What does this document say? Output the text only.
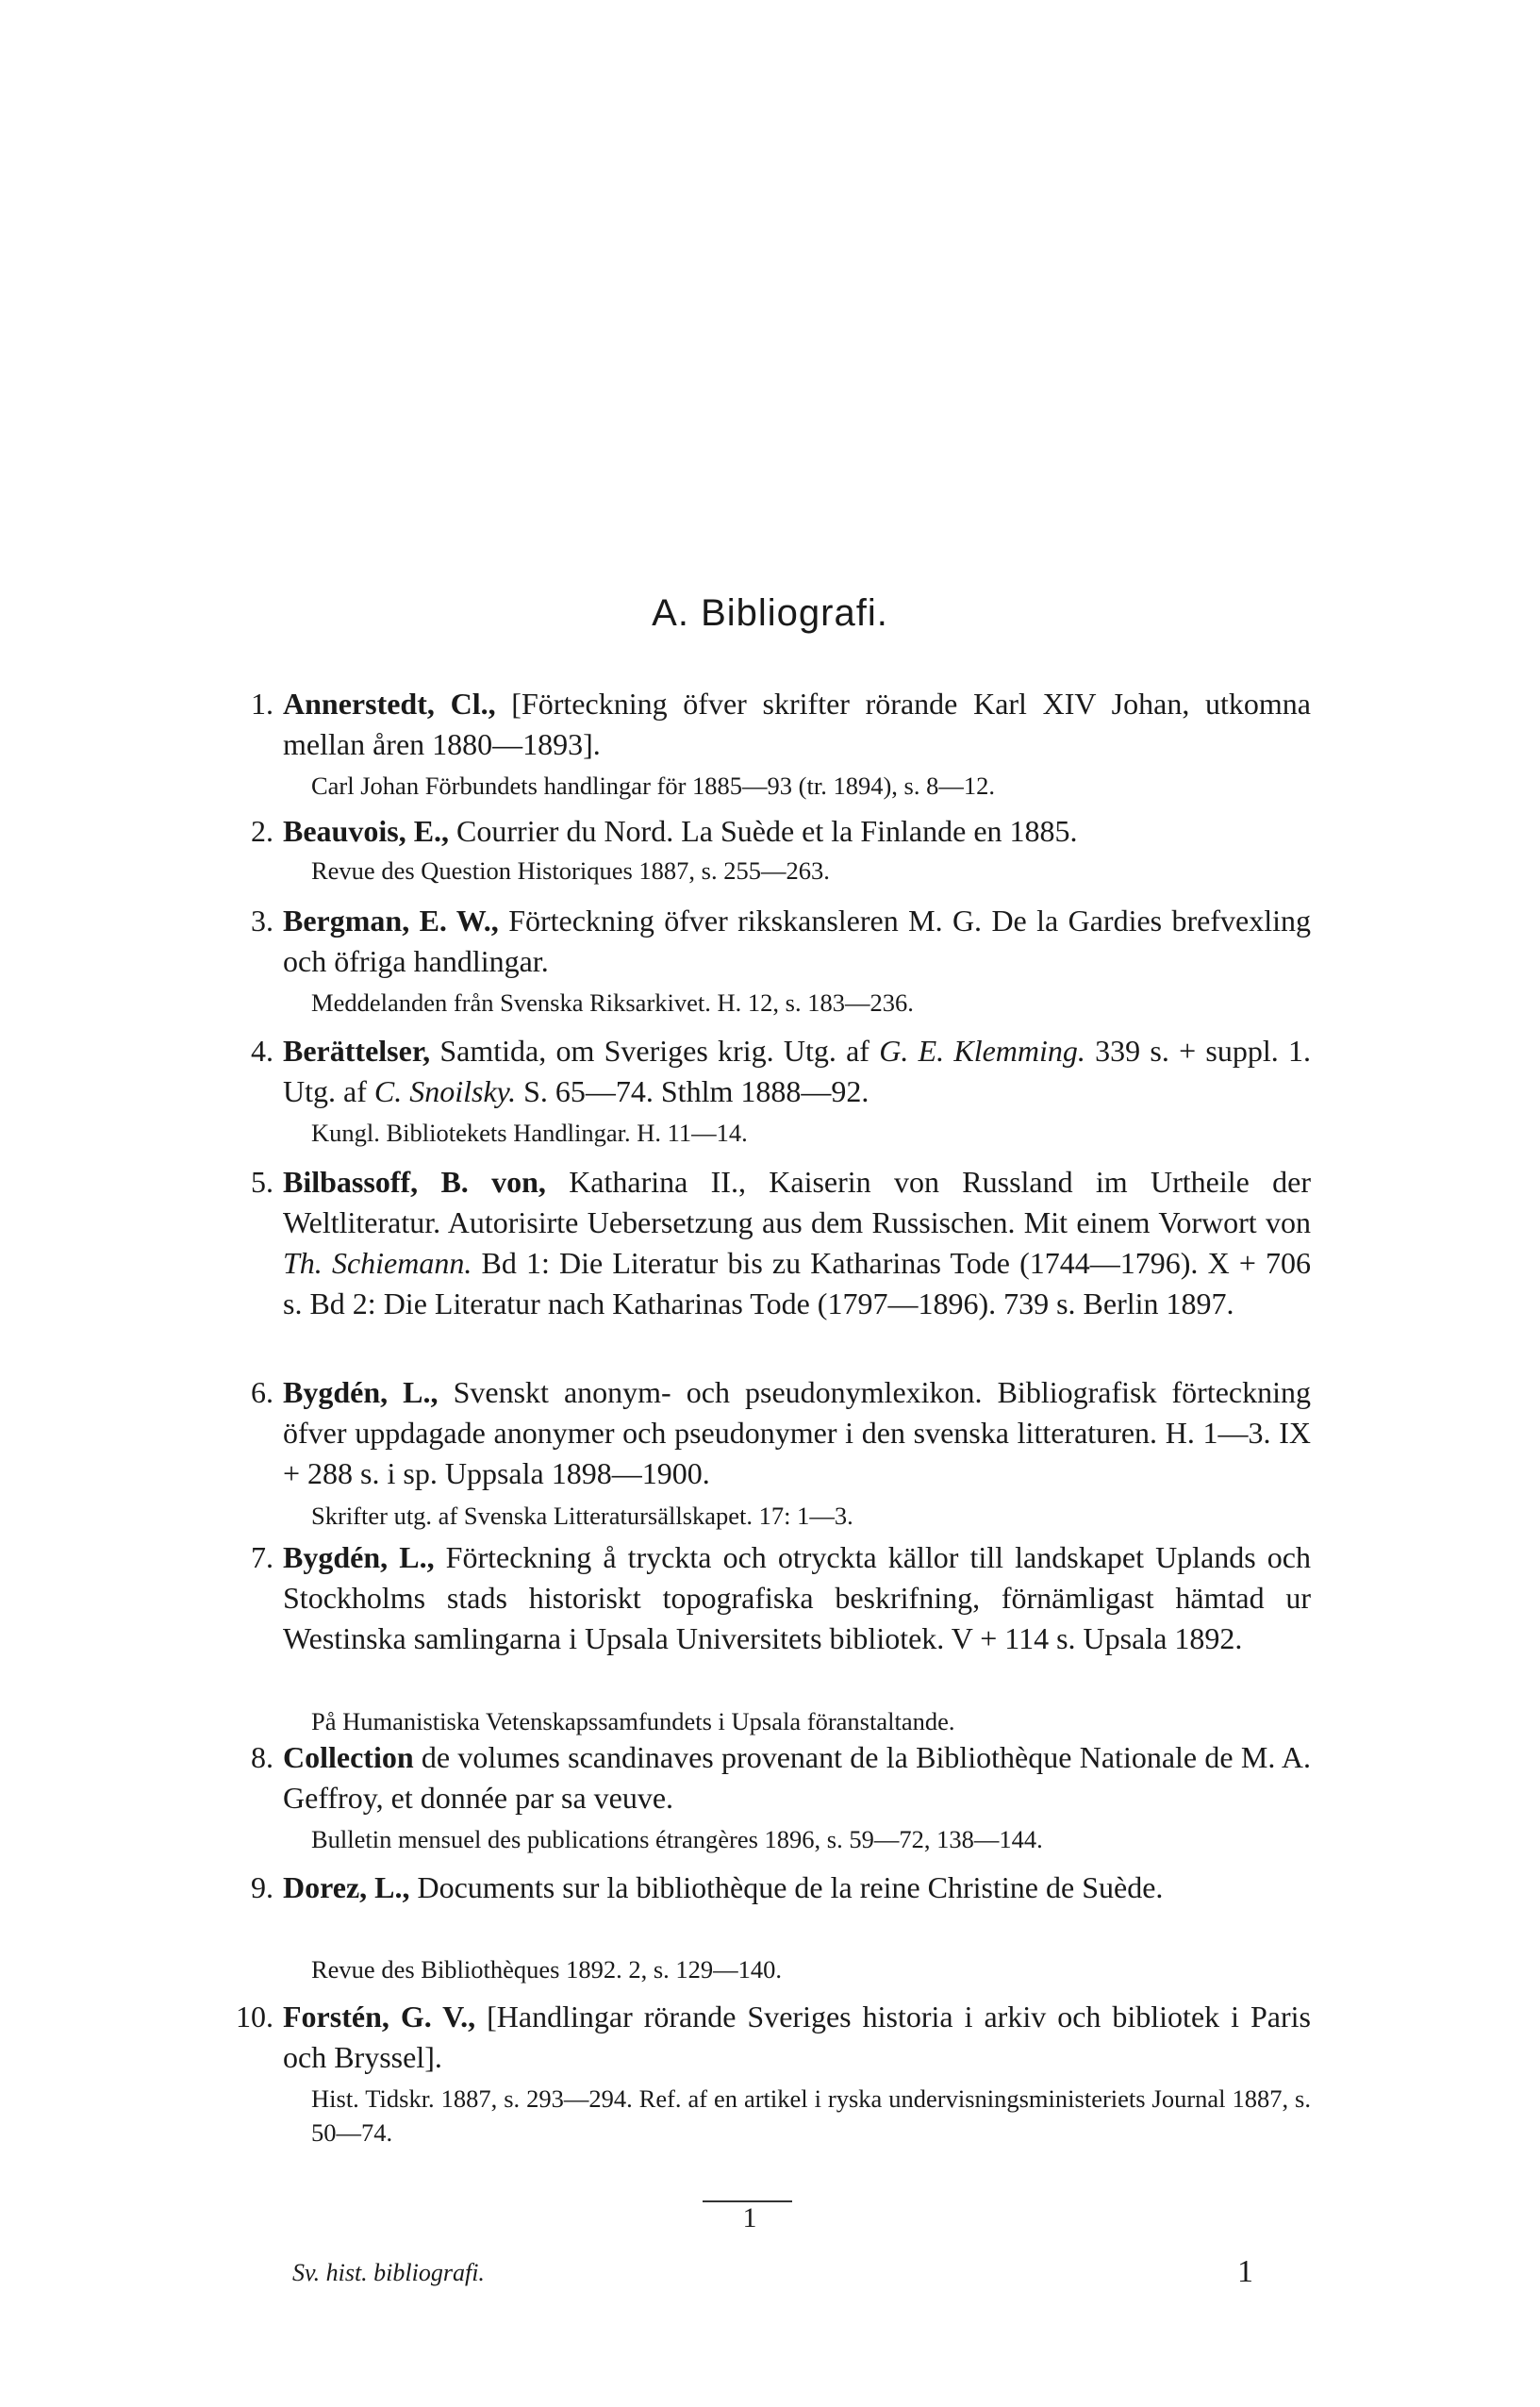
A. Bibliografi.
1. Annerstedt, Cl., [Förteckning öfver skrifter rörande Karl XIV Johan, utkomna mellan åren 1880—1893].
Carl Johan Förbundets handlingar för 1885—93 (tr. 1894), s. 8—12.
2. Beauvois, E., Courrier du Nord. La Suède et la Finlande en 1885.
Revue des Question Historiques 1887, s. 255—263.
3. Bergman, E. W., Förteckning öfver rikskansleren M. G. De la Gardies brefvexling och öfriga handlingar.
Meddelanden från Svenska Riksarkivet. H. 12, s. 183—236.
4. Berättelser, Samtida, om Sveriges krig. Utg. af G. E. Klemming. 339 s. + suppl. 1. Utg. af C. Snoilsky. S. 65—74. Sthlm 1888—92.
Kungl. Bibliotekets Handlingar. H. 11—14.
5. Bilbassoff, B. von, Katharina II., Kaiserin von Russland im Urtheile der Weltliteratur. Autorisirte Uebersetzung aus dem Russischen. Mit einem Vorwort von Th. Schiemann. Bd 1: Die Literatur bis zu Katharinas Tode (1744—1796). X + 706 s. Bd 2: Die Literatur nach Katharinas Tode (1797—1896). 739 s. Berlin 1897.
6. Bygdén, L., Svenskt anonym- och pseudonymlexikon. Bibliografisk förteckning öfver uppdagade anonymer och pseudonymer i den svenska litteraturen. H. 1—3. IX + 288 s. i sp. Uppsala 1898—1900.
Skrifter utg. af Svenska Litteratursällskapet. 17: 1—3.
7. Bygdén, L., Förteckning å tryckta och otryckta källor till landskapet Uplands och Stockholms stads historiskt topografiska beskrifning, förnämligast hämtad ur Westinska samlingarna i Upsala Universitets bibliotek. V + 114 s. Upsala 1892.
På Humanistiska Vetenskapssamfundets i Upsala föranstaltande.
8. Collection de volumes scandinaves provenant de la Bibliothèque Nationale de M. A. Geffroy, et donnée par sa veuve.
Bulletin mensuel des publications étrangères 1896, s. 59—72, 138—144.
9. Dorez, L., Documents sur la bibliothèque de la reine Christine de Suède.
Revue des Bibliothèques 1892. 2, s. 129—140.
10. Forstén, G. V., [Handlingar rörande Sveriges historia i arkiv och bibliotek i Paris och Bryssel].
Hist. Tidskr. 1887, s. 293—294. Ref. af en artikel i ryska undervisningsministeriets Journal 1887, s. 50—74.
1
Sv. hist. bibliografi.	1
